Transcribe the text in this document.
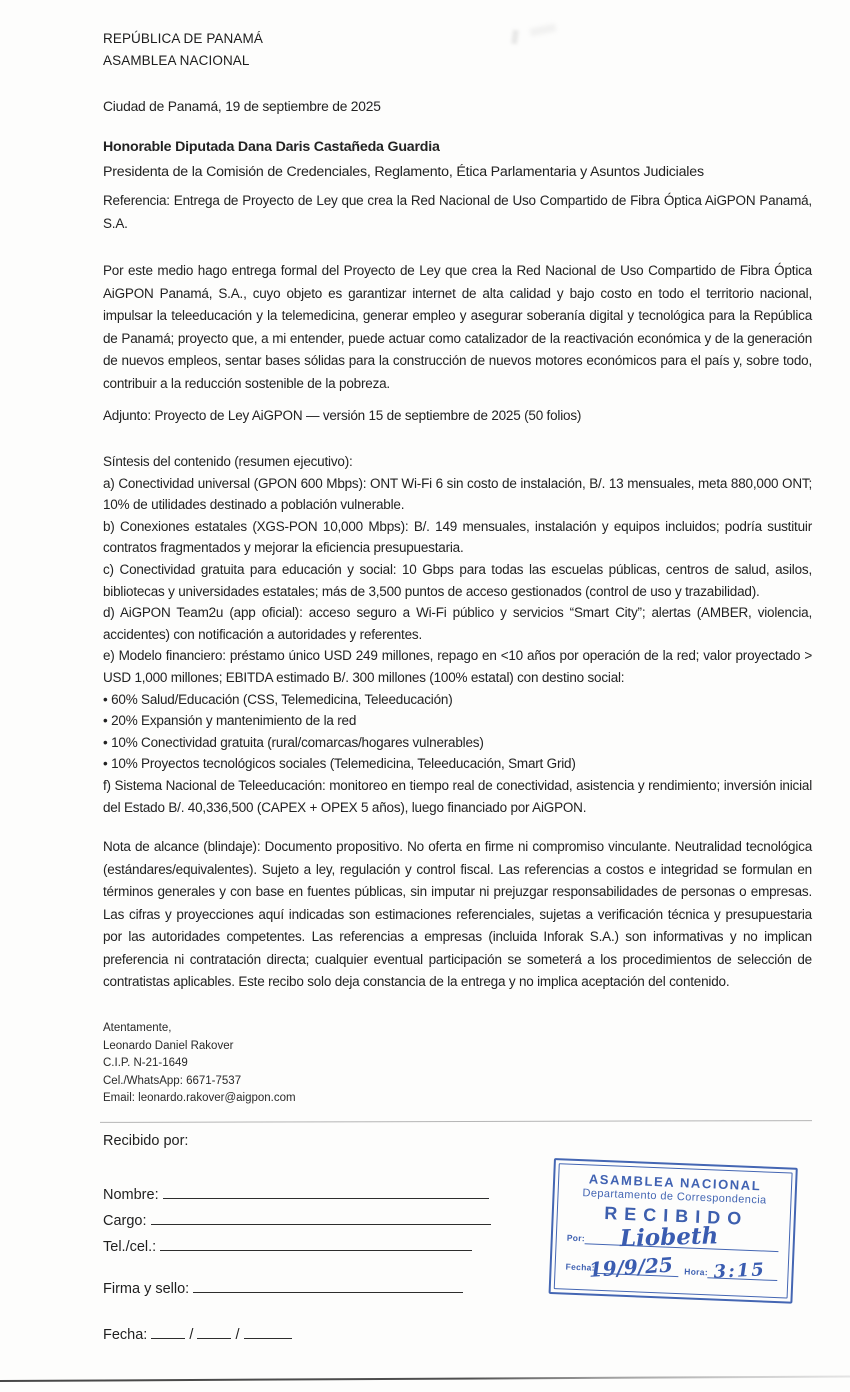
REPÚBLICA DE PANAMÁ
ASAMBLEA NACIONAL
Ciudad de Panamá, 19 de septiembre de 2025
Honorable Diputada Dana Daris Castañeda Guardia
Presidenta de la Comisión de Credenciales, Reglamento, Ética Parlamentaria y Asuntos Judiciales
Referencia: Entrega de Proyecto de Ley que crea la Red Nacional de Uso Compartido de Fibra Óptica AiGPON Panamá, S.A.
Por este medio hago entrega formal del Proyecto de Ley que crea la Red Nacional de Uso Compartido de Fibra Óptica AiGPON Panamá, S.A., cuyo objeto es garantizar internet de alta calidad y bajo costo en todo el territorio nacional, impulsar la teleeducación y la telemedicina, generar empleo y asegurar soberanía digital y tecnológica para la República de Panamá; proyecto que, a mi entender, puede actuar como catalizador de la reactivación económica y de la generación de nuevos empleos, sentar bases sólidas para la construcción de nuevos motores económicos para el país y, sobre todo, contribuir a la reducción sostenible de la pobreza.
Adjunto: Proyecto de Ley AiGPON — versión 15 de septiembre de 2025 (50 folios)

Síntesis del contenido (resumen ejecutivo):

a) Conectividad universal (GPON 600 Mbps): ONT Wi-Fi 6 sin costo de instalación, B/. 13 mensuales, meta 880,000 ONT; 10% de utilidades destinado a población vulnerable.

b) Conexiones estatales (XGS-PON 10,000 Mbps): B/. 149 mensuales, instalación y equipos incluidos; podría sustituir contratos fragmentados y mejorar la eficiencia presupuestaria.

c) Conectividad gratuita para educación y social: 10 Gbps para todas las escuelas públicas, centros de salud, asilos, bibliotecas y universidades estatales; más de 3,500 puntos de acceso gestionados (control de uso y trazabilidad).

d) AiGPON Team2u (app oficial): acceso seguro a Wi-Fi público y servicios “Smart City”; alertas (AMBER, violencia, accidentes) con notificación a autoridades y referentes.

e) Modelo financiero: préstamo único USD 249 millones, repago en <10 años por operación de la red; valor proyectado > USD 1,000 millones; EBITDA estimado B/. 300 millones (100% estatal) con destino social:

• 60% Salud/Educación (CSS, Telemedicina, Teleeducación)

• 20% Expansión y mantenimiento de la red

• 10% Conectividad gratuita (rural/comarcas/hogares vulnerables)

• 10% Proyectos tecnológicos sociales (Telemedicina, Teleeducación, Smart Grid)

f) Sistema Nacional de Teleeducación: monitoreo en tiempo real de conectividad, asistencia y rendimiento; inversión inicial del Estado B/. 40,336,500 (CAPEX + OPEX 5 años), luego financiado por AiGPON.

Nota de alcance (blindaje): Documento propositivo. No oferta en firme ni compromiso vinculante. Neutralidad tecnológica (estándares/equivalentes). Sujeto a ley, regulación y control fiscal. Las referencias a costos e integridad se formulan en términos generales y con base en fuentes públicas, sin imputar ni prejuzgar responsabilidades de personas o empresas. Las cifras y proyecciones aquí indicadas son estimaciones referenciales, sujetas a verificación técnica y presupuestaria por las autoridades competentes. Las referencias a empresas (incluida Inforak S.A.) son informativas y no implican preferencia ni contratación directa; cualquier eventual participación se someterá a los procedimientos de selección de contratistas aplicables. Este recibo solo deja constancia de la entrega y no implica aceptación del contenido.
Atentamente,
Leonardo Daniel Rakover
C.I.P. N-21-1649
Cel./WhatsApp: 6671-7537
Email: leonardo.rakover@aigpon.com
Recibido por:
Nombre:
Cargo:
Tel./cel.:
Firma y sello:
Fecha:	/	/
ASAMBLEA NACIONAL
Departamento de Correspondencia
RECIBIDO
Por: Liobeth
Fecha:
19/9/25 Hora: 3:15
